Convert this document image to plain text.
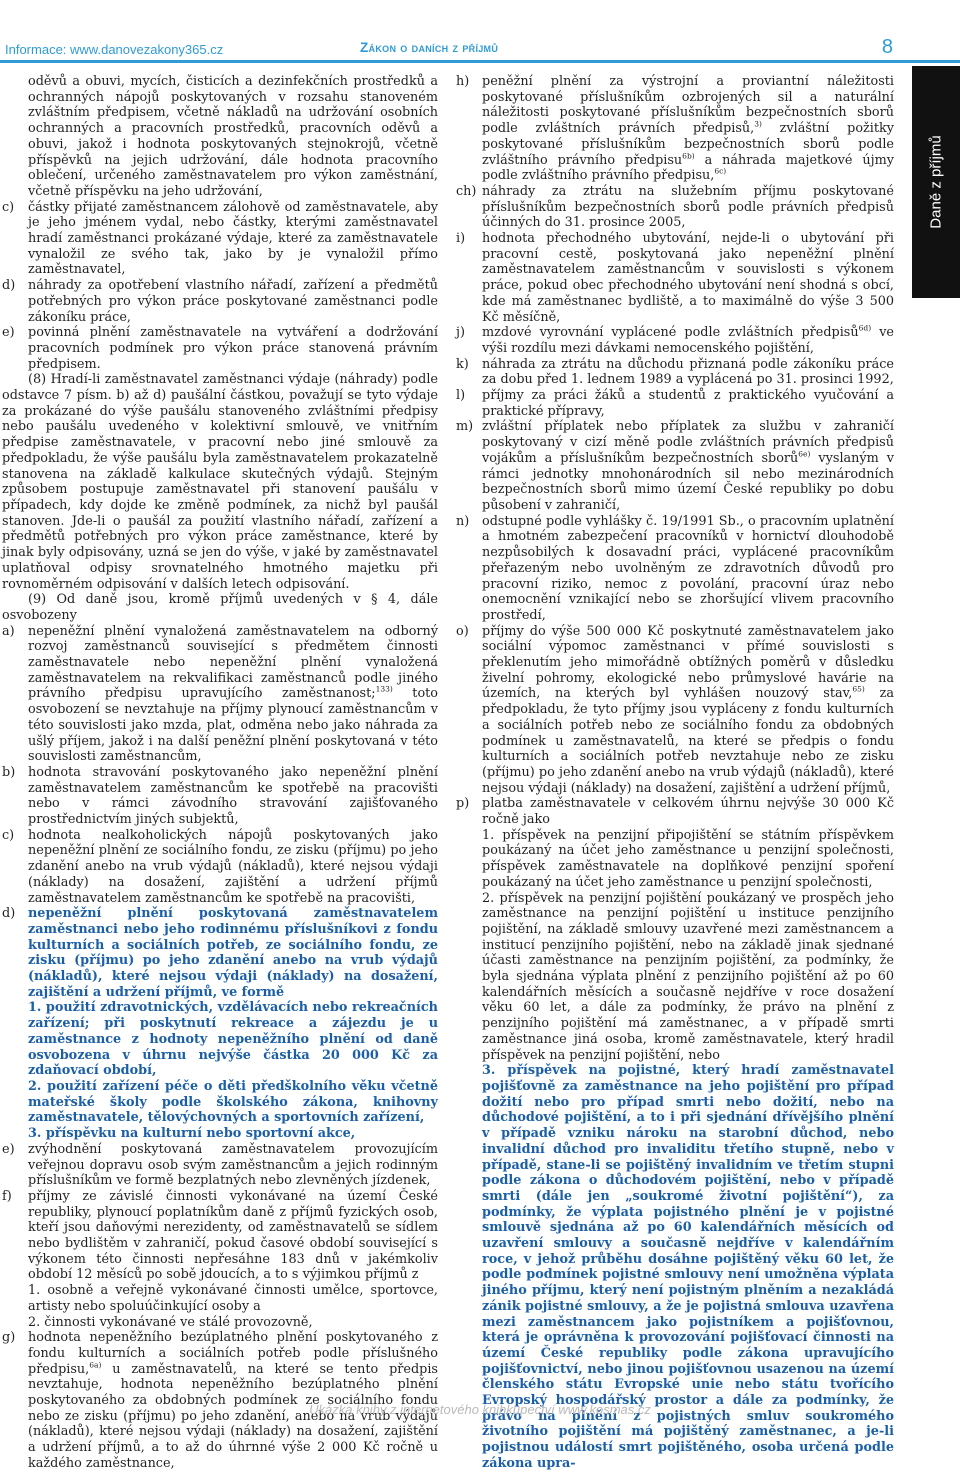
Informace: www.danovezakony365.cz	Zákon o daních z příjmů	8
Daně z příjmů
oděvů a obuvi, mycích, čisticích a dezinfekčních prostředků a ochranných nápojů poskytovaných v rozsahu stanoveném zvláštním předpisem, včetně nákladů na udržování osobních ochranných a pracovních prostředků, pracovních oděvů a obuvi, jakož i hodnota poskytovaných stejnokrojů, včetně příspěvků na jejich udržování, dále hodnota pracovního oblečení, určeného zaměstnavatelem pro výkon zaměstnání, včetně příspěvku na jeho udržování,
c) částky přijaté zaměstnancem zálohově od zaměstnavatele, aby je jeho jménem vydal, nebo částky, kterými zaměstnavatel hradí zaměstnanci prokázané výdaje, které za zaměstnavatele vynaložil ze svého tak, jako by je vynaložil přímo zaměstnavatel,
d) náhrady za opotřebení vlastního nářadí, zařízení a předmětů potřebných pro výkon práce poskytované zaměstnanci podle zákoníku práce,
e) povinná plnění zaměstnavatele na vytváření a dodržování pracovních podmínek pro výkon práce stanovená právním předpisem.
(8) Hradí-li zaměstnavatel zaměstnanci výdaje (náhrady) podle odstavce 7 písm. b) až d) paušální částkou, považují se tyto výdaje za prokázané do výše paušálu stanoveného zvláštními předpisy nebo paušálu uvedeného v kolektivní smlouvě, ve vnitřním předpise zaměstnavatele, v pracovní nebo jiné smlouvě za předpokladu, že výše paušálu byla zaměstnavatelem prokazatelně stanovena na základě kalkulace skutečných výdajů. Stejným způsobem postupuje zaměstnavatel při stanovení paušálu v případech, kdy dojde ke změně podmínek, za nichž byl paušál stanoven. Jde-li o paušál za použití vlastního nářadí, zařízení a předmětů potřebných pro výkon práce zaměstnance, které by jinak byly odpisovány, uzná se jen do výše, v jaké by zaměstnavatel uplatňoval odpisy srovnatelného hmotného majetku při rovnoměrném odpisování v dalších letech odpisování.
(9) Od daně jsou, kromě příjmů uvedených v § 4, dále osvobozeny
a) nepeněžní plnění vynaložená zaměstnavatelem na odborný rozvoj zaměstnanců související s předmětem činnosti zaměstnavatele nebo nepeněžní plnění vynaložená zaměstnavatelem na rekvalifikaci zaměstnanců podle jiného právního předpisu upravujícího zaměstnanost;$^{133)}$ toto osvobození se nevztahuje na příjmy plynoucí zaměstnancům v této souvislosti jako mzda, plat, odměna nebo jako náhrada za ušlý příjem, jakož i na další peněžní plnění poskytovaná v této souvislosti zaměstnancům,
b) hodnota stravování poskytovaného jako nepeněžní plnění zaměstnavatelem zaměstnancům ke spotřebě na pracovišti nebo v rámci závodního stravování zajišťovaného prostřednictvím jiných subjektů,
c) hodnota nealkoholických nápojů poskytovaných jako nepeněžní plnění ze sociálního fondu, ze zisku (příjmu) po jeho zdanění anebo na vrub výdajů (nákladů), které nejsou výdaji (náklady) na dosažení, zajištění a udržení příjmů zaměstnavatelem zaměstnancům ke spotřebě na pracovišti,
d) nepeněžní plnění poskytovaná zaměstnavatelem zaměstnanci nebo jeho rodinnému příslušníkovi z fondu kulturních a sociálních potřeb, ze sociálního fondu, ze zisku (příjmu) po jeho zdanění anebo na vrub výdajů (nákladů), které nejsou výdaji (náklady) na dosažení, zajištění a udržení příjmů, ve formě
1. použití zdravotnických, vzdělávacích nebo rekreačních zařízení; při poskytnutí rekreace a zájezdu je u zaměstnance z hodnoty nepeněžního plnění od daně osvobozena v úhrnu nejvýše částka 20 000 Kč za zdaňovací období,
2. použití zařízení péče o děti předškolního věku včetně mateřské školy podle školského zákona, knihovny zaměstnavatele, tělovýchovných a sportovních zařízení,
3. příspěvku na kulturní nebo sportovní akce,
e) zvýhodnění poskytovaná zaměstnavatelem provozujícím veřejnou dopravu osob svým zaměstnancům a jejich rodinným příslušníkům ve formě bezplatných nebo zlevněných jízdenek,
f) příjmy ze závislé činnosti vykonávané na území České republiky, plynoucí poplatníkům daně z příjmů fyzických osob, kteří jsou daňovými nerezidenty, od zaměstnavatelů se sídlem nebo bydlištěm v zahraničí, pokud časové období související s výkonem této činnosti nepřesáhne 183 dnů v jakémkoliv období 12 měsíců po sobě jdoucích, a to s výjimkou příjmů z
1. osobně a veřejně vykonávané činnosti umělce, sportovce, artisty nebo spoluúčinkující osoby a
2. činnosti vykonávané ve stálé provozovně,
g) hodnota nepeněžního bezúplatného plnění poskytovaného z fondu kulturních a sociálních potřeb podle příslušného předpisu,$^{6a)}$ u zaměstnavatelů, na které se tento předpis nevztahuje, hodnota nepeněžního bezúplatného plnění poskytovaného za obdobných podmínek ze sociálního fondu nebo ze zisku (příjmu) po jeho zdanění, anebo na vrub výdajů (nákladů), které nejsou výdaji (náklady) na dosažení, zajištění a udržení příjmů, a to až do úhrnné výše 2 000 Kč ročně u každého zaměstnance,
h) peněžní plnění za výstrojní a proviantní náležitosti poskytované příslušníkům ozbrojených sil a naturální náležitosti poskytované příslušníkům bezpečnostních sborů podle zvláštních právních předpisů,$^{3)}$ zvláštní požitky poskytované příslušníkům bezpečnostních sborů podle zvláštního právního předpisu$^{6b)}$ a náhrada majetkové újmy podle zvláštního právního předpisu,$^{6c)}$
ch) náhrady za ztrátu na služebním příjmu poskytované příslušníkům bezpečnostních sborů podle právních předpisů účinných do 31. prosince 2005,
i) hodnota přechodného ubytování, nejde-li o ubytování při pracovní cestě, poskytovaná jako nepeněžní plnění zaměstnavatelem zaměstnancům v souvislosti s výkonem práce, pokud obec přechodného ubytování není shodná s obcí, kde má zaměstnanec bydliště, a to maximálně do výše 3 500 Kč měsíčně,
j) mzdové vyrovnání vyplácené podle zvláštních předpisů$^{6d)}$ ve výši rozdílu mezi dávkami nemocenského pojištění,
k) náhrada za ztrátu na důchodu přiznaná podle zákoníku práce za dobu před 1. lednem 1989 a vyplácená po 31. prosinci 1992,
l) příjmy za práci žáků a studentů z praktického vyučování a praktické přípravy,
m) zvláštní příplatek nebo příplatek za službu v zahraničí poskytovaný v cizí měně podle zvláštních právních předpisů vojákům a příslušníkům bezpečnostních sborů$^{6e)}$ vyslaným v rámci jednotky mnohonárodních sil nebo mezinárodních bezpečnostních sborů mimo území České republiky po dobu působení v zahraničí,
n) odstupné podle vyhlášky č. 19/1991 Sb., o pracovním uplatnění a hmotném zabezpečení pracovníků v hornictví dlouhodobě nezpůsobilých k dosavadní práci, vyplácené pracovníkům přeřazeným nebo uvolněným ze zdravotních důvodů pro pracovní riziko, nemoc z povolání, pracovní úraz nebo onemocnění vznikající nebo se zhoršující vlivem pracovního prostředí,
o) příjmy do výše 500 000 Kč poskytnuté zaměstnavatelem jako sociální výpomoc zaměstnanci v přímé souvislosti s překlenutím jeho mimořádně obtížných poměrů v důsledku živelní pohromy, ekologické nebo průmyslové havárie na územích, na kterých byl vyhlášen nouzový stav,$^{65)}$ za předpokladu, že tyto příjmy jsou vypláceny z fondu kulturních a sociálních potřeb nebo ze sociálního fondu za obdobných podmínek u zaměstnavatelů, na které se předpis o fondu kulturních a sociálních potřeb nevztahuje nebo ze zisku (příjmu) po jeho zdanění anebo na vrub výdajů (nákladů), které nejsou výdaji (náklady) na dosažení, zajištění a udržení příjmů,
p) platba zaměstnavatele v celkovém úhrnu nejvýše 30 000 Kč ročně jako
1. příspěvek na penzijní připojištění se státním příspěvkem poukázaný na účet jeho zaměstnance u penzijní společnosti, příspěvek zaměstnavatele na doplňkové penzijní spoření poukázaný na účet jeho zaměstnance u penzijní společnosti,
2. příspěvek na penzijní pojištění poukázaný ve prospěch jeho zaměstnance na penzijní pojištění u instituce penzijního pojištění, na základě smlouvy uzavřené mezi zaměstnancem a institucí penzijního pojištění, nebo na základě jinak sjednané účasti zaměstnance na penzijním pojištění, za podmínky, že byla sjednána výplata plnění z penzijního pojištění až po 60 kalendářních měsících a současně nejdříve v roce dosažení věku 60 let, a dále za podmínky, že právo na plnění z penzijního pojištění má zaměstnanec, a v případě smrti zaměstnance jiná osoba, kromě zaměstnavatele, který hradil příspěvek na penzijní pojištění, nebo
3. příspěvek na pojistné, který hradí zaměstnavatel pojišťovně za zaměstnance na jeho pojištění pro případ dožití nebo pro případ smrti nebo dožití, nebo na důchodové pojištění, a to i při sjednání dřívějšího plnění v případě vzniku nároku na starobní důchod, nebo invalidní důchod pro invaliditu třetího stupně, nebo v případě, stane-li se pojištěný invalidním ve třetím stupni podle zákona o důchodovém pojištění, nebo v případě smrti (dále jen „soukromé životní pojištění“), za podmínky, že výplata pojistného plnění je v pojistné smlouvě sjednána až po 60 kalendářních měsících od uzavření smlouvy a současně nejdříve v kalendářním roce, v jehož průběhu dosáhne pojištěný věku 60 let, že podle podmínek pojistné smlouvy není umožněna výplata jiného příjmu, který není pojistným plněním a nezakládá zánik pojistné smlouvy, a že je pojistná smlouva uzavřena mezi zaměstnancem jako pojistníkem a pojišťovnou, která je oprávněna k provozování pojišťovací činnosti na území České republiky podle zákona upravujícího pojišťovnictví, nebo jinou pojišťovnou usazenou na území členského státu Evropské unie nebo státu tvořícího Evropský hospodářský prostor a dále za podmínky, že právo na plnění z pojistných smluv soukromého životního pojištění má pojištěný zaměstnanec, a je-li pojistnou událostí smrt pojištěného, osoba určená podle zákona upra-
Ukázka knihy z internetového knihkupectví www.kosmas.cz
